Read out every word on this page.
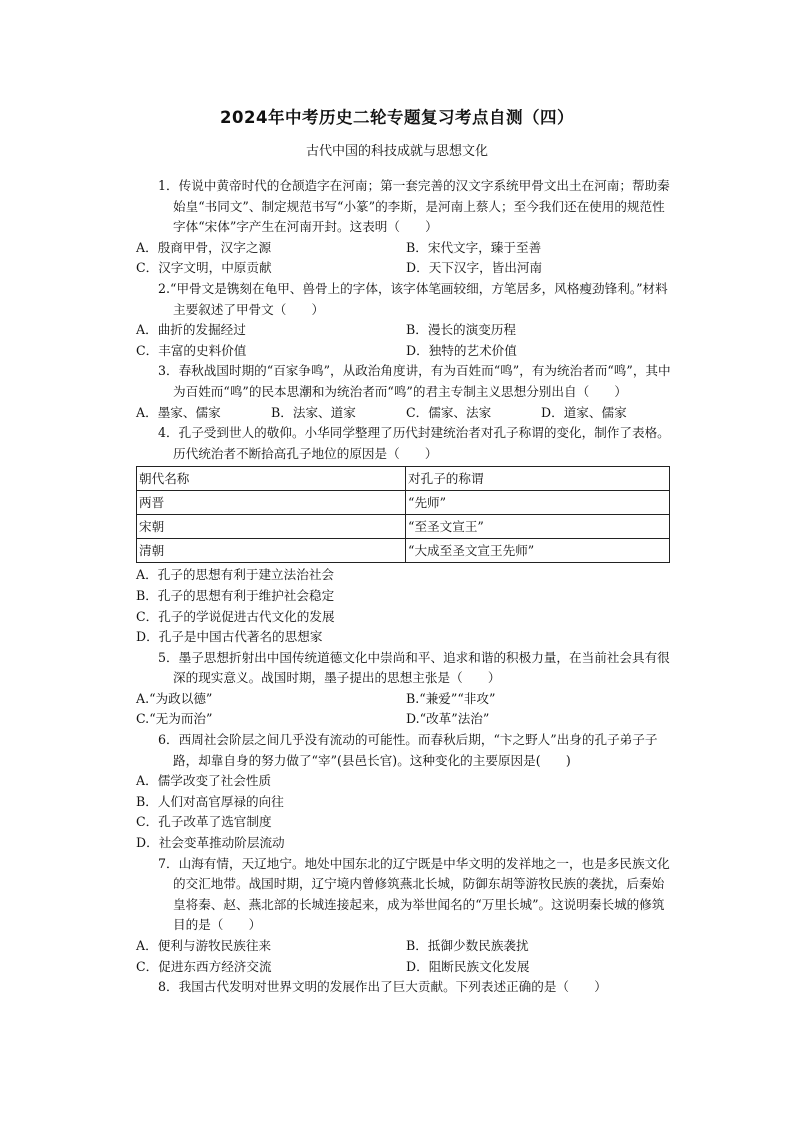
2024年中考历史二轮专题复习考点自测（四）
古代中国的科技成就与思想文化
1．传说中黄帝时代的仓颉造字在河南；第一套完善的汉文字系统甲骨文出土在河南；帮助秦始皇“书同文”、制定规范书写“小篆”的李斯，是河南上蔡人；至今我们还在使用的规范性字体“宋体”字产生在河南开封。这表明（　　）
A．殷商甲骨，汉字之源	B．宋代文字，臻于至善
C．汉字文明，中原贡献	D．天下汉字，皆出河南
2.“甲骨文是镌刻在龟甲、兽骨上的字体，该字体笔画较细，方笔居多，风格瘦劲锋利。”材料主要叙述了甲骨文（　　）
A．曲折的发掘经过	B．漫长的演变历程
C．丰富的史料价值	D．独特的艺术价值
3．春秋战国时期的“百家争鸣”，从政治角度讲，有为百姓而“鸣”，有为统治者而“鸣”，其中为百姓而“鸣”的民本思潮和为统治者而“鸣”的君主专制主义思想分别出自（　　）
A．墨家、儒家	B．法家、道家	C．儒家、法家	D．道家、儒家
4．孔子受到世人的敬仰。小华同学整理了历代封建统治者对孔子称谓的变化，制作了表格。历代统治者不断拾高孔子地位的原因是（　　）
朝代名称	对孔子的称谓
两晋	“先师”
宋朝	“至圣文宣王”
清朝	“大成至圣文宣王先师”
A．孔子的思想有利于建立法治社会
B．孔子的思想有利于维护社会稳定
C．孔子的学说促进古代文化的发展
D．孔子是中国古代著名的思想家
5．墨子思想折射出中国传统道德文化中崇尚和平、追求和谐的积极力量，在当前社会具有很深的现实意义。战国时期，墨子提出的思想主张是（　　）
A.“为政以德”	B.“兼爱”“非攻”
C.“无为而治”	D.“改革”法治”
6．西周社会阶层之间几乎没有流动的可能性。而春秋后期，“卞之野人”出身的孔子弟子子路，却靠自身的努力做了“宰”(县邑长官)。这种变化的主要原因是(　　)
A．儒学改变了社会性质
B．人们对高官厚禄的向往
C．孔子改革了选官制度
D．社会变革推动阶层流动
7．山海有情，天辽地宁。地处中国东北的辽宁既是中华文明的发祥地之一，也是多民族文化的交汇地带。战国时期，辽宁境内曾修筑燕北长城，防御东胡等游牧民族的袭扰，后秦始皇将秦、赵、燕北部的长城连接起来，成为举世闻名的“万里长城”。这说明秦长城的修筑目的是（　　）
A．便利与游牧民族往来	B．抵御少数民族袭扰
C．促进东西方经济交流	D．阻断民族文化发展
8．我国古代发明对世界文明的发展作出了巨大贡献。下列表述正确的是（　　）
